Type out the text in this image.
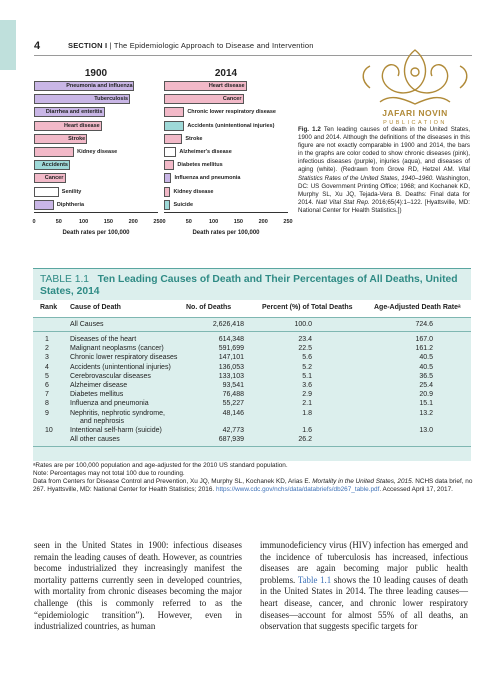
4	SECTION I | The Epidemiologic Approach to Disease and Intervention
1900
Pneumonia and influenza
Tuberculosis
Diarrhea and enteritis
Heart disease
Stroke
Kidney disease
Accidents
Cancer
Senility
Diphtheria
0	50	100	150	200	250
Death rates per 100,000
2014
Heart disease
Cancer
Chronic lower respiratory disease
Accidents (unintentional injuries)
Stroke
Alzheimer's disease
Diabetes mellitus
Influenza and pneumonia
Kidney disease
Suicide
0	50	100	150	200	250
Death rates per 100,000
JAFARI NOVIN
PUBLICATION
Fig. 1.2 Ten leading causes of death in the United States, 1900 and 2014. Although the definitions of the diseases in this figure are not exactly comparable in 1900 and 2014, the bars in the graphs are color coded to show chronic diseases (pink), infectious diseases (purple), injuries (aqua), and diseases of aging (white). (Redrawn from Grove RD, Hetzel AM. Vital Statistics Rates of the United States, 1940–1960. Washington, DC: US Government Printing Office; 1968; and Kochanek KD, Murphy SL, Xu JQ, Tejada-Vera B. Deaths: Final data for 2014. Natl Vital Stat Rep. 2016;65(4):1–122. [Hyattsville, MD: National Center for Health Statistics.])
TABLE 1.1 Ten Leading Causes of Death and Their Percentages of All Deaths, United States, 2014
Rank Cause of Death	No. of Deaths	Percent (%) of Total Deaths	Age-Adjusted Death Rateᵃ
All Causes	2,626,418	100.0	724.6
1	Diseases of the heart	614,348	23.4	167.0
2	Malignant neoplasms (cancer)	591,699	22.5	161.2
3	Chronic lower respiratory diseases	147,101	5.6	40.5
4	Accidents (unintentional injuries)	136,053	5.2	40.5
5	Cerebrovascular diseases	133,103	5.1	36.5
6	Alzheimer disease	93,541	3.6	25.4
7	Diabetes mellitus	76,488	2.9	20.9
8	Influenza and pneumonia	55,227	2.1	15.1
9	Nephritis, nephrotic syndrome,	48,146	1.8	13.2
and nephrosis
10 Intentional self-harm (suicide)	42,773	1.6	13.0
All other causes	687,939	26.2
ᵃRates are per 100,000 population and age-adjusted for the 2010 US standard population.
Note: Percentages may not total 100 due to rounding.
Data from Centers for Disease Control and Prevention, Xu JQ, Murphy SL, Kochanek KD, Arias E. Mortality in the United States, 2015. NCHS data brief, no 267. Hyattsville, MD: National Center for Health Statistics; 2016. https://www.cdc.gov/nchs/data/databriefs/db267_table.pdf. Accessed April 17, 2017.
seen in the United States in 1900: infectious diseases remain the leading causes of death. However, as countries become industrialized they increasingly manifest the mortality patterns currently seen in developed countries, with mortality from chronic diseases becoming the major challenge (this is commonly referred to as the “epidemiologic transition”). However, even in industrialized countries, as human
immunodeficiency virus (HIV) infection has emerged and the incidence of tuberculosis has increased, infectious diseases are again becoming major public health problems. Table 1.1 shows the 10 leading causes of death in the United States in 2014. The three leading causes—heart disease, cancer, and chronic lower respiratory diseases—account for almost 55% of all deaths, an observation that suggests specific targets for
